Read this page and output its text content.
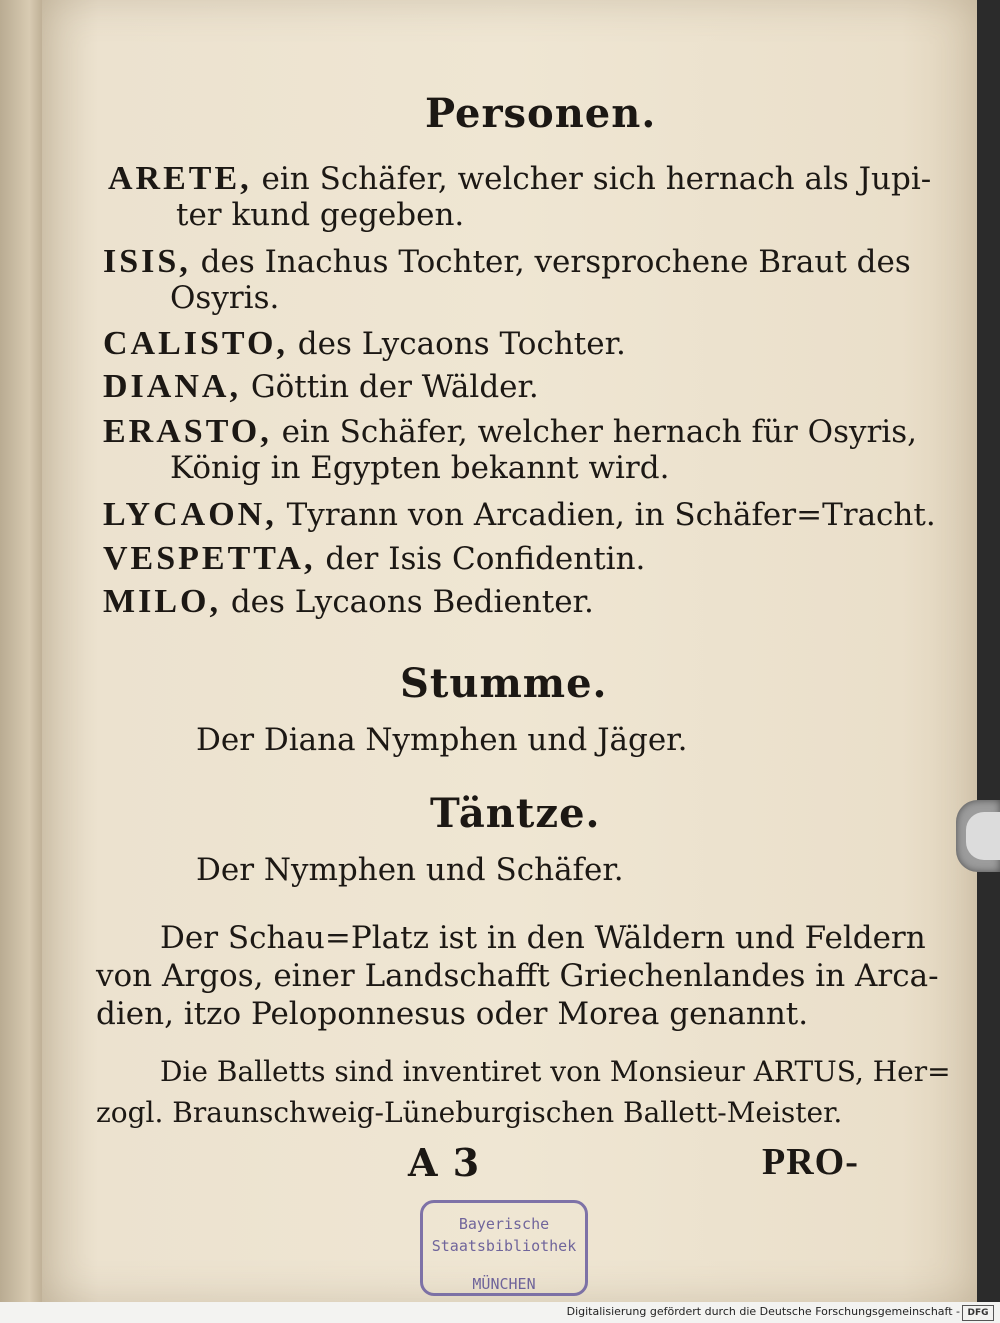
Personen.
ARETE, ein Schäfer, welcher sich hernach als Jupi-
ter kund gegeben.
ISIS, des Inachus Tochter, versprochene Braut des
Osyris.
CALISTO, des Lycaons Tochter.
DIANA, Göttin der Wälder.
ERASTO, ein Schäfer, welcher hernach für Osyris,
König in Egypten bekannt wird.
LYCAON, Tyrann von Arcadien, in Schäfer=Tracht.
VESPETTA, der Isis Confidentin.
MILO, des Lycaons Bedienter.
Stumme.
Der Diana Nymphen und Jäger.
Täntze.
Der Nymphen und Schäfer.
Der Schau=Platz ist in den Wäldern und Feldern
von Argos, einer Landschafft Griechenlandes in Arca-
dien, itzo Peloponnesus oder Morea genannt.
Die Balletts sind inventiret von Monsieur ARTUS, Her=
zogl. Braunschweig-Lüneburgischen Ballett-Meister.
A 3	PRO-
Bayerische
Staatsbibliothek
MÜNCHEN
Digitalisierung gefördert durch die Deutsche Forschungsgemeinschaft - DFG
